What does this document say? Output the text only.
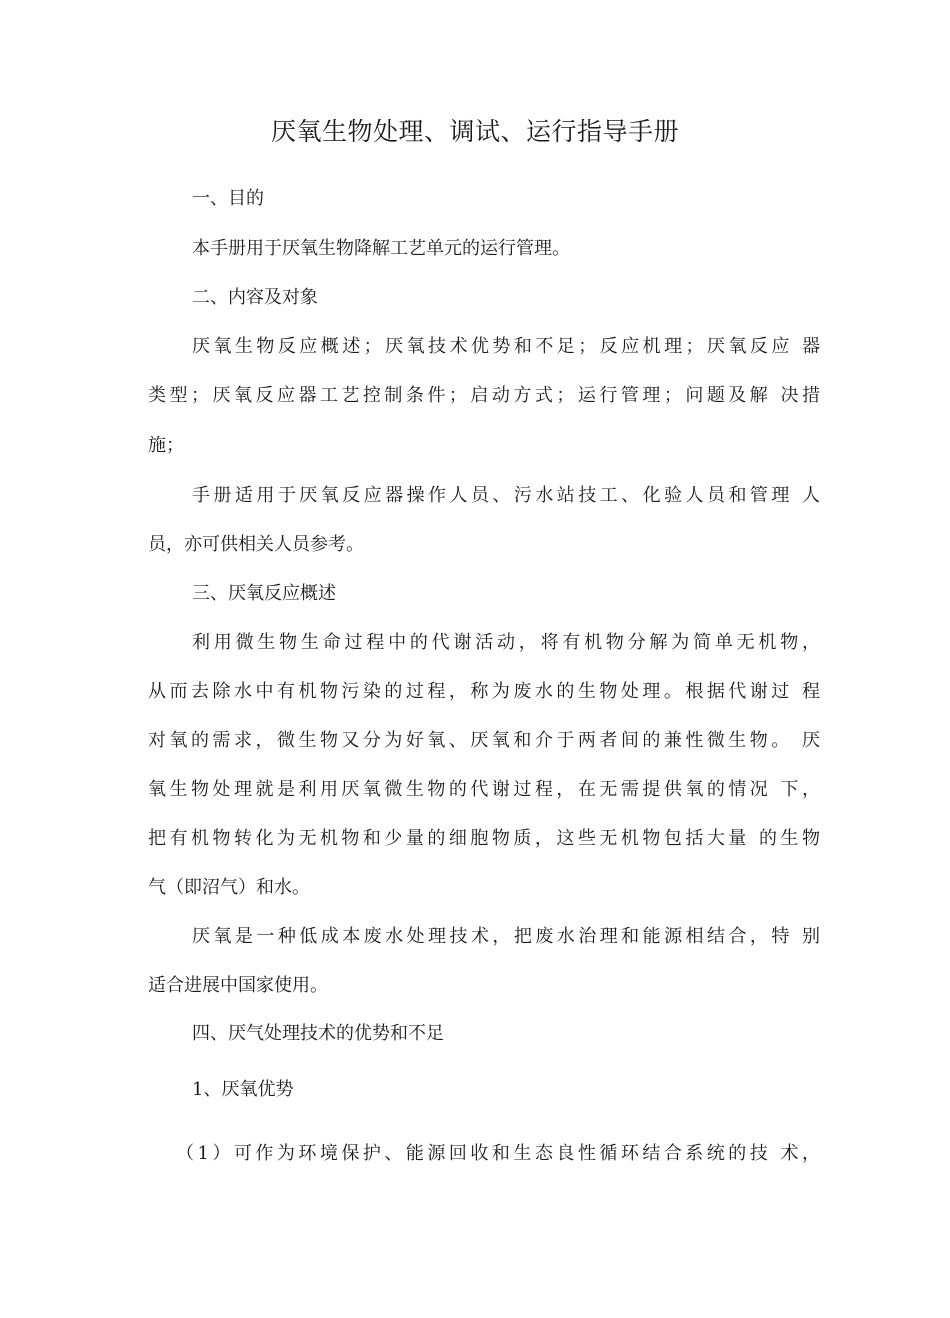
厌氧生物处理、调试、运行指导手册

一、目的

本手册用于厌氧生物降解工艺单元的运行管理。

二、内容及对象

厌氧生物反应概述；厌氧技术优势和不足；反应机理；厌氧反应 器

类型；厌氧反应器工艺控制条件；启动方式；运行管理；问题及解 决措

施；

手册适用于厌氧反应器操作人员、污水站技工、化验人员和管理 人

员，亦可供相关人员参考。

三、厌氧反应概述

利用微生物生命过程中的代谢活动，将有机物分解为简单无机物，

从而去除水中有机物污染的过程，称为废水的生物处理。根据代谢过 程

对氧的需求，微生物又分为好氧、厌氧和介于两者间的兼性微生物。 厌

氧生物处理就是利用厌氧微生物的代谢过程，在无需提供氧的情况 下，

把有机物转化为无机物和少量的细胞物质，这些无机物包括大量 的生物

气（即沼气）和水。

厌氧是一种低成本废水处理技术，把废水治理和能源相结合，特 别

适合进展中国家使用。

四、厌气处理技术的优势和不足

1、厌氧优势

（1）可作为环境保护、能源回收和生态良性循环结合系统的技 术，
